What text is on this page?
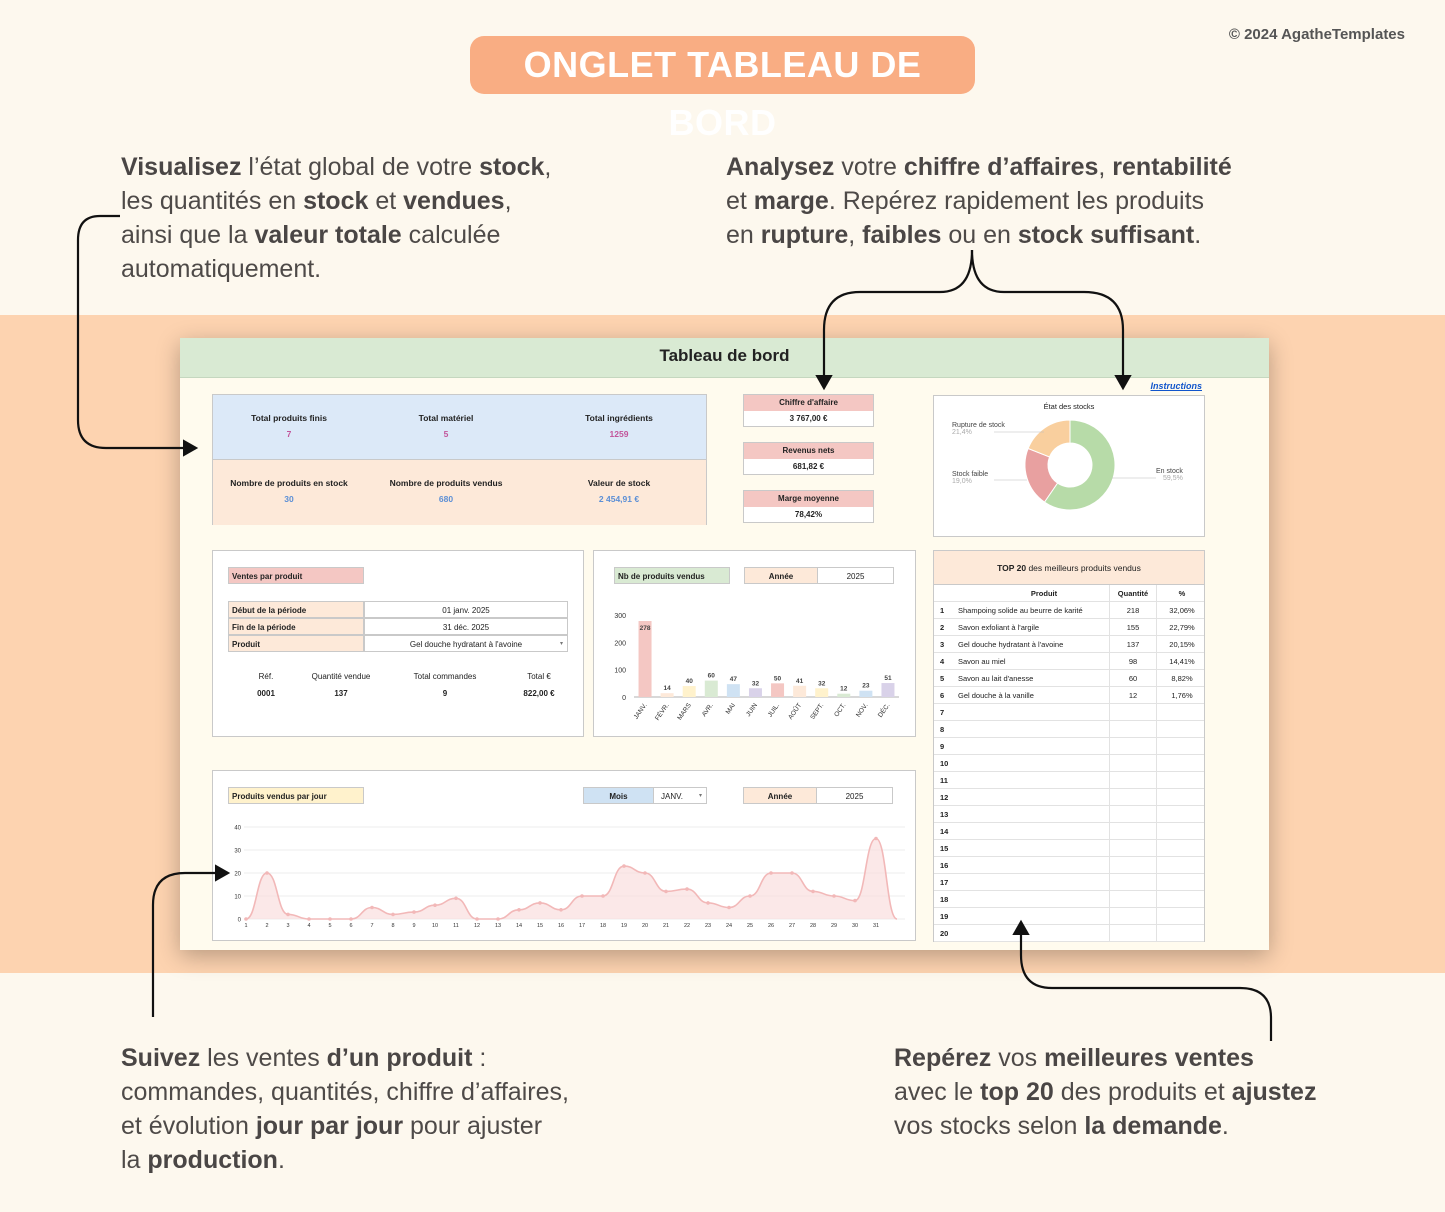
© 2024 AgatheTemplates
ONGLET TABLEAU DE BORD
Visualisez l’état global de votre stock,
les quantités en stock et vendues,
ainsi que la valeur totale calculée
automatiquement.
Analysez votre chiffre d’affaires, rentabilité
et marge. Repérez rapidement les produits
en rupture, faibles ou en stock suffisant.
Suivez les ventes d’un produit :
commandes, quantités, chiffre d’affaires,
et évolution jour par jour pour ajuster
la production.
Repérez vos meilleures ventes
avec le top 20 des produits et ajustez
vos stocks selon la demande.
Tableau de bord
Instructions
Total produits finis
7
Total matériel
5
Total ingrédients
1259
Nombre de produits en stock
30
Nombre de produits vendus
680
Valeur de stock
2 454,91 €
Chiffre d'affaire
3 767,00 €
Revenus nets
681,82 €
Marge moyenne
78,42%
État des stocks
Rupture de stock
21,4%
Stock faible
19,0%
En stock
59,5%
Ventes par produit
Début de la période	01 janv. 2025
Fin de la période	31 déc. 2025
Produit	Gel douche hydratant à l'avoine	▾
Réf.	Quantité vendue	Total commandes	Total €
0001	137	9	822,00 €
Nb de produits vendus	Année	2025
0
100
200
300
278
JANV.
14
FÉVR.
40
MARS
60
AVR.
47
MAI
32
JUIN
50
JUIL.
41
AOÛT
32
SEPT.
12
OCT.
23
NOV.
51
DÉC.
Produits vendus par jour	Mois	JANV.	▾	Année	2025
0
10
20
30
40
1	2	3	4	5	6	7	8	9	10	11	12	13	14	15	16	17	18	19	20	21	22	23	24	25	26	27	28	29	30	31
TOP 20 des meilleurs produits vendus
Produit	Quantité	%
1	Shampoing solide au beurre de karité	218	32,06%
2	Savon exfoliant à l'argile	155	22,79%
3	Gel douche hydratant à l'avoine	137	20,15%
4	Savon au miel	98	14,41%
5	Savon au lait d'anesse	60	8,82%
6	Gel douche à la vanille	12	1,76%
7
8
9
10
11
12
13
14
15
16
17
18
19
20
